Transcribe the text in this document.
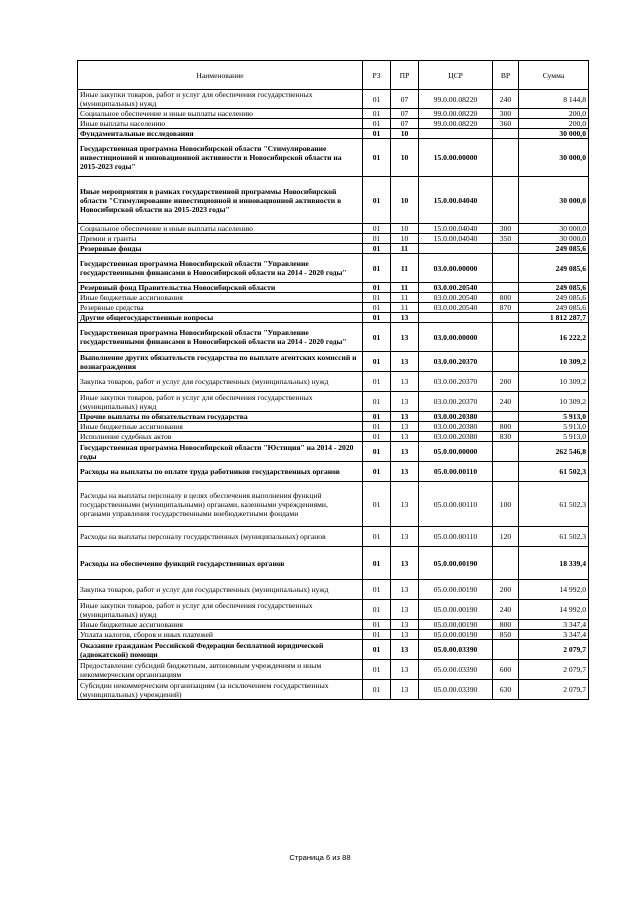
Наименование	РЗ	ПР	ЦСР	ВР	Сумма
Иные закупки товаров, работ и услуг для обеспечения государственных (муниципальных) нужд	01	07	99.0.00.08220	240	8 144,8
Социальное обеспечение и иные выплаты населению	01	07	99.0.00.08220	300	200,0
Иные выплаты населению	01	07	99.0.00.08220	360	200,0
Фундаментальные исследования	01	10			30 000,0
Государственная программа Новосибирской области "Стимулирование инвестиционной и инновационной активности в Новосибирской области на 2015-2023 годы"	01	10	15.0.00.00000		30 000,0
Иные мероприятия в рамках государственной программы Новосибирской области "Стимулирование инвестиционной и инновационной активности в Новосибирской области на 2015-2023 годы"	01	10	15.0.00.04040		30 000,0
Социальное обеспечение и иные выплаты населению	01	10	15.0.00.04040	300	30 000,0
Премии и гранты	01	10	15.0.00.04040	350	30 000,0
Резервные фонды	01	11			249 085,6
Государственная программа Новосибирской области "Управление государственными финансами в Новосибирской области на 2014 - 2020 годы"	01	11	03.0.00.00000		249 085,6
Резервный фонд Правительства Новосибирской области	01	11	03.0.00.20540		249 085,6
Иные бюджетные ассигнования	01	11	03.0.00.20540	800	249 085,6
Резервные средства	01	11	03.0.00.20540	870	249 085,6
Другие общегосударственные вопросы	01	13			1 812 287,7
Государственная программа Новосибирской области "Управление государственными финансами в Новосибирской области на 2014 - 2020 годы"	01	13	03.0.00.00000		16 222,2
Выполнение других обязательств государства по выплате агентских комиссий и вознаграждения	01	13	03.0.00.20370		10 309,2
Закупка товаров, работ и услуг для государственных (муниципальных) нужд	01	13	03.0.00.20370	200	10 309,2
Иные закупки товаров, работ и услуг для обеспечения государственных (муниципальных) нужд	01	13	03.0.00.20370	240	10 309,2
Прочие выплаты по обязательствам государства	01	13	03.0.00.20380		5 913,0
Иные бюджетные ассигнования	01	13	03.0.00.20380	800	5 913,0
Исполнение судебных актов	01	13	03.0.00.20380	830	5 913,0
Государственная программа Новосибирской области "Юстиция" на 2014 - 2020 годы	01	13	05.0.00.00000		262 546,8
Расходы на выплаты по оплате труда работников государственных органов	01	13	05.0.00.00110		61 502,3
Расходы на выплаты персоналу в целях обеспечения выполнения функций государственными (муниципальными) органами, казенными учреждениями, органами управления государственными внебюджетными фондами	01	13	05.0.00.00110	100	61 502,3
Расходы на выплаты персоналу государственных (муниципальных) органов	01	13	05.0.00.00110	120	61 502,3
Расходы на обеспечение функций государственных органов	01	13	05.0.00.00190		18 339,4
Закупка товаров, работ и услуг для государственных (муниципальных) нужд	01	13	05.0.00.00190	200	14 992,0
Иные закупки товаров, работ и услуг для обеспечения государственных (муниципальных) нужд	01	13	05.0.00.00190	240	14 992,0
Иные бюджетные ассигнования	01	13	05.0.00.00190	800	3 347,4
Уплата налогов, сборов и иных платежей	01	13	05.0.00.00190	850	3 347,4
Оказание гражданам Российской Федерации бесплатной юридической (адвокатской) помощи	01	13	05.0.00.03390		2 079,7
Предоставление субсидий бюджетным, автономным учреждениям и иным некоммерческим организациям	01	13	05.0.00.03390	600	2 079,7
Субсидии некоммерческим организациям (за исключением государственных (муниципальных) учреждений)	01	13	05.0.00.03390	630	2 079,7
Страница 6 из 88
